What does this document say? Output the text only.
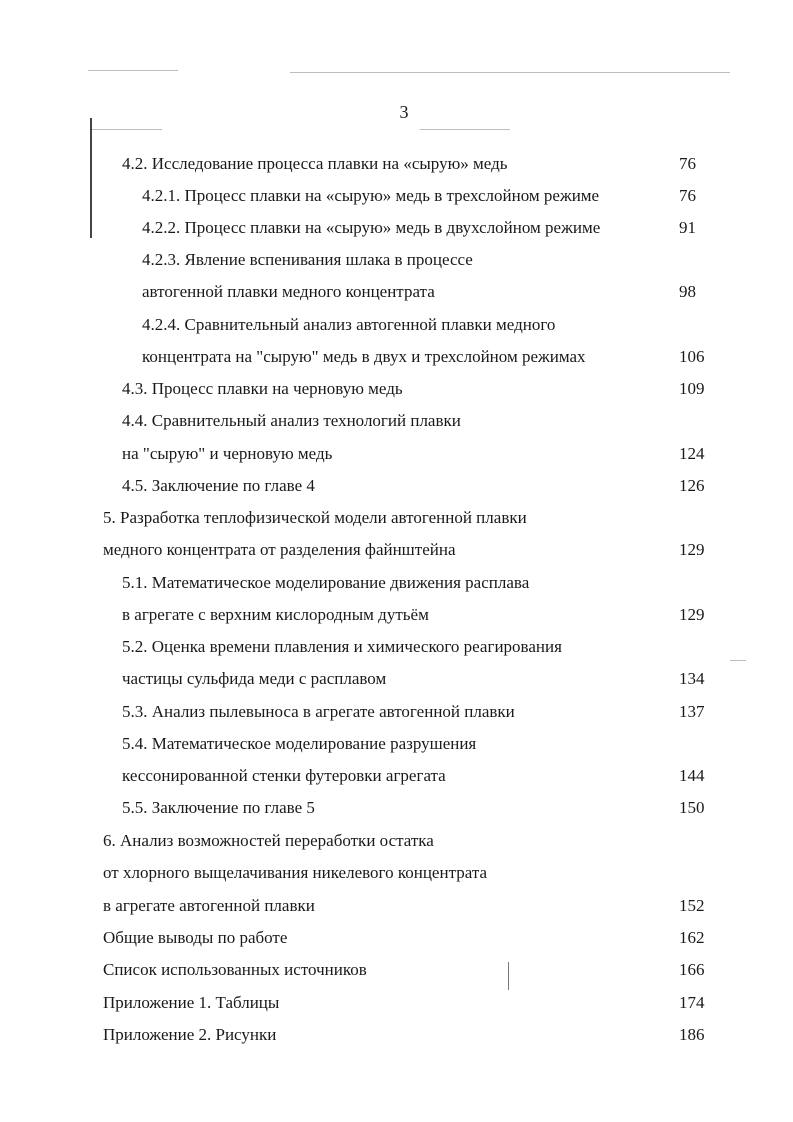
3
4.2. Исследование процесса плавки на «сырую» медь	76
4.2.1. Процесс плавки на «сырую» медь в трехслойном режиме	76
4.2.2. Процесс плавки на «сырую» медь в двухслойном режиме	91
4.2.3. Явление вспенивания шлака в процессе
автогенной плавки медного концентрата	98
4.2.4. Сравнительный анализ автогенной плавки медного
концентрата на "сырую" медь в двух и трехслойном режимах	106
4.3. Процесс плавки на черновую медь	109
4.4. Сравнительный анализ технологий плавки
на "сырую" и черновую медь	124
4.5. Заключение по главе 4	126
5. Разработка теплофизической модели автогенной плавки
медного концентрата от разделения файнштейна	129
5.1. Математическое моделирование движения расплава
в агрегате с верхним кислородным дутьём	129
5.2. Оценка времени плавления и химического реагирования
частицы сульфида меди с расплавом	134
5.3. Анализ пылевыноса в агрегате автогенной плавки	137
5.4. Математическое моделирование разрушения
кессонированной стенки футеровки агрегата	144
5.5. Заключение по главе 5	150
6. Анализ возможностей переработки остатка
от хлорного выщелачивания никелевого концентрата
в агрегате автогенной плавки	152
Общие выводы по работе	162
Список использованных источников	166
Приложение 1. Таблицы	174
Приложение 2. Рисунки	186
